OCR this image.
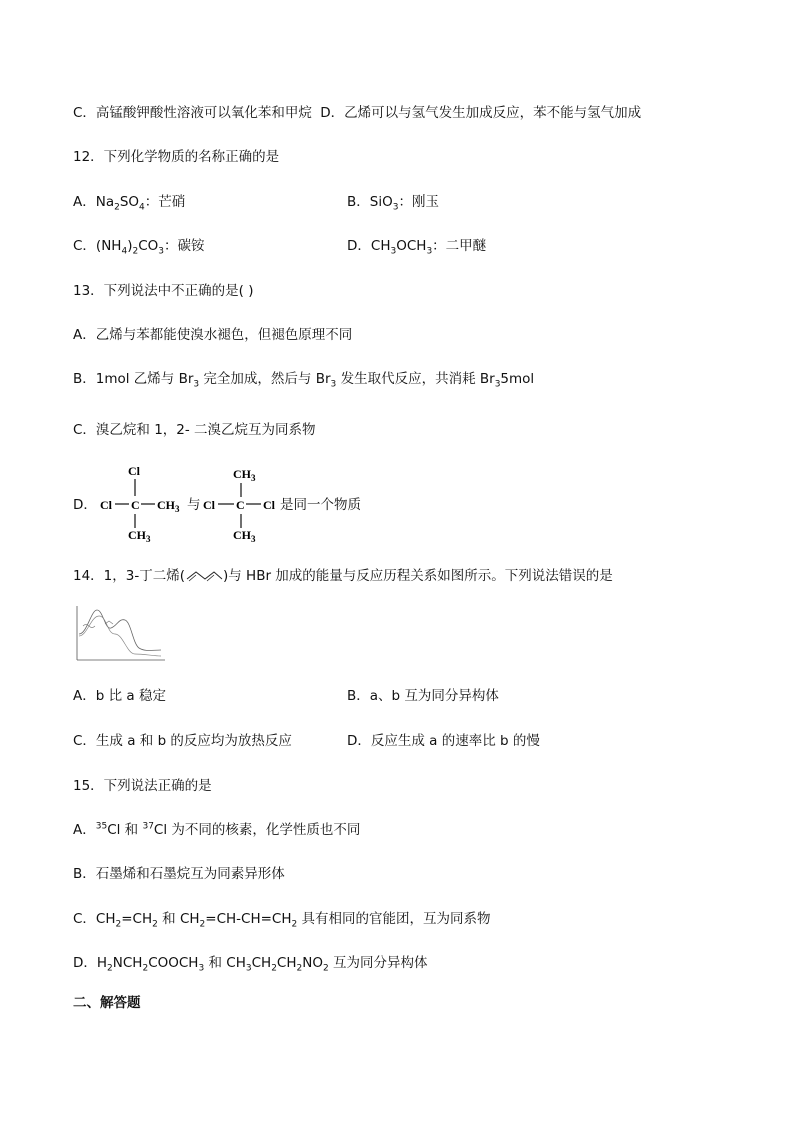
C．高锰酸钾酸性溶液可以氧化苯和甲烷 D．乙烯可以与氢气发生加成反应，苯不能与氢气加成
12．下列化学物质的名称正确的是
A．$Na_2SO_4$：芒硝	B．SiO$_3$：刚玉
C．$(NH_4)_2CO_3$：碳铵	D．$CH_3OCH_3$：二甲醚
13．下列说法中不正确的是( )
A．乙烯与苯都能使溴水褪色，但褪色原理不同
B．1mol 乙烯与 $Br_3$ 完全加成，然后与 $Br_3$ 发生取代反应，共消耗 $Br_35mol$
C．溴乙烷和 1，2- 二溴乙烷互为同系物
D．
Cl
Cl C $CH_3$
$CH_3$
与
$CH_3$
Cl C Cl
$CH_3$
是同一个物质
14．1，3-丁二烯(	)与 HBr 加成的能量与反应历程关系如图所示。下列说法错误的是
A．b 比 a 稳定	B．a、b 互为同分异构体
C．生成 a 和 b 的反应均为放热反应	D．反应生成 a 的速率比 b 的慢
15．下列说法正确的是
A．$^{35}$Cl 和 $^{37}$Cl 为不同的核素，化学性质也不同
B．石墨烯和石墨烷互为同素异形体
C．$CH_2=CH_2$ 和 $CH_2=CH-CH=CH_2$ 具有相同的官能团，互为同系物
D．$H_2NCH_2COOCH_3$ 和 $CH_3CH_2CH_2NO_2$ 互为同分异构体
二、解答题
